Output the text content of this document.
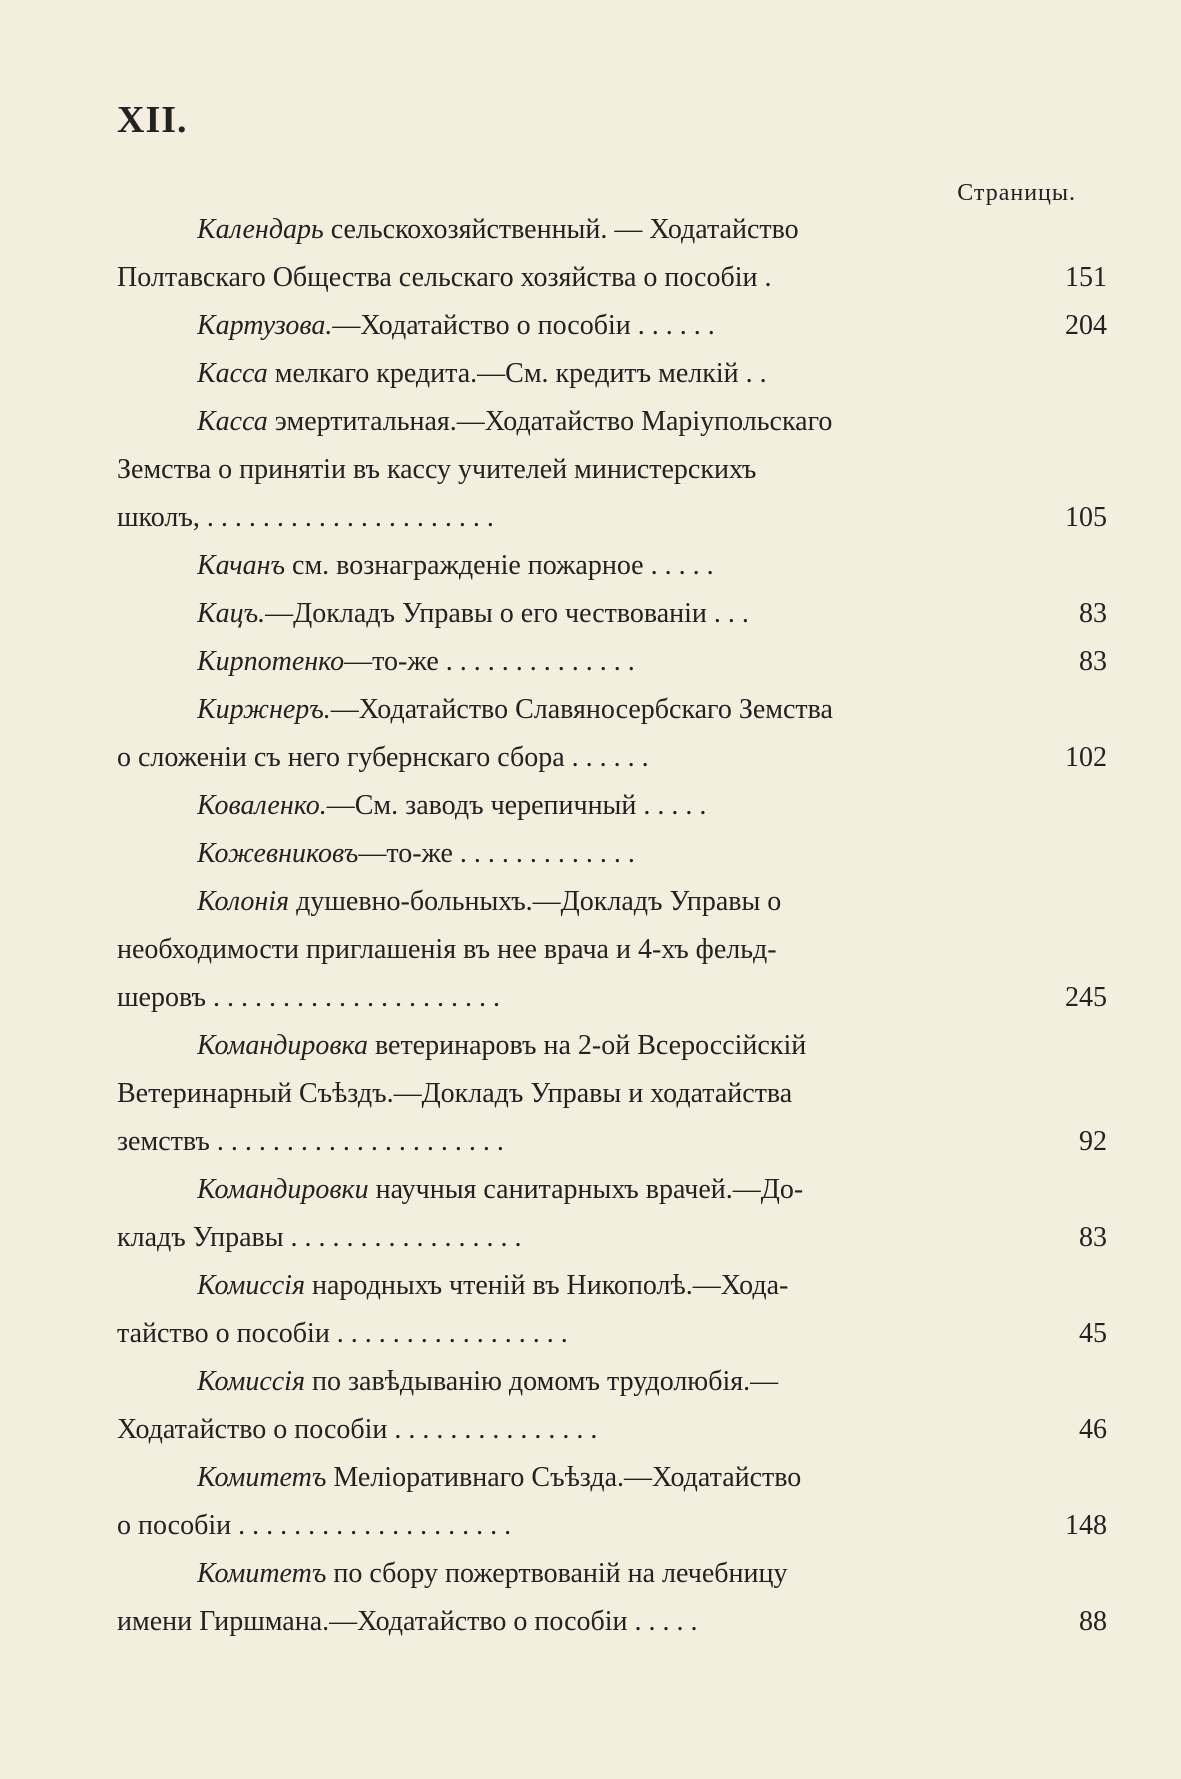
XII.
Страницы.
Календарь сельскохозяйственный. — Ходатайство
Полтавскаго Общества сельскаго хозяйства о пособіи .	151
Картузова.—Ходатайство о пособіи . . . . . .	204
Касса мелкаго кредита.—См. кредитъ мелкій . .
Касса эмертитальная.—Ходатайство Маріупольскаго
Земства о принятіи въ кассу учителей министерскихъ
школъ, . . . . . . . . . . . . . . . . . . . . .	105
Качанъ см. вознагражденіе пожарное . . . . .
Кацъ.—Докладъ Управы о его чествованіи . . .	83
Кирпотенко—то-же . . . . . . . . . . . . . .	83
Киржнеръ.—Ходатайство Славяносербскаго Земства
о сложеніи съ него губернскаго сбора . . . . . .	102
Коваленко.—См. заводъ черепичный . . . . .
Кожевниковъ—то-же . . . . . . . . . . . . .
Колонія душевно-больныхъ.—Докладъ Управы о
необходимости приглашенія въ нее врача и 4-хъ фельд-
шеровъ . . . . . . . . . . . . . . . . . . . . .	245
Командировка ветеринаровъ на 2-ой Всероссійскій
Ветеринарный Съѣздъ.—Докладъ Управы и ходатайства
земствъ . . . . . . . . . . . . . . . . . . . . .	92
Командировки научныя санитарныхъ врачей.—До-
кладъ Управы . . . . . . . . . . . . . . . . .	83
Комиссія народныхъ чтеній въ Никополѣ.—Хода-
тайство о пособіи . . . . . . . . . . . . . . . . .	45
Комиссія по завѣдыванію домомъ трудолюбія.—
Ходатайство о пособіи . . . . . . . . . . . . . . .	46
Комитетъ Меліоративнаго Съѣзда.—Ходатайство
о пособіи . . . . . . . . . . . . . . . . . . . .	148
Комитетъ по сбору пожертвованій на лечебницу
имени Гиршмана.—Ходатайство о пособіи . . . . .	88
